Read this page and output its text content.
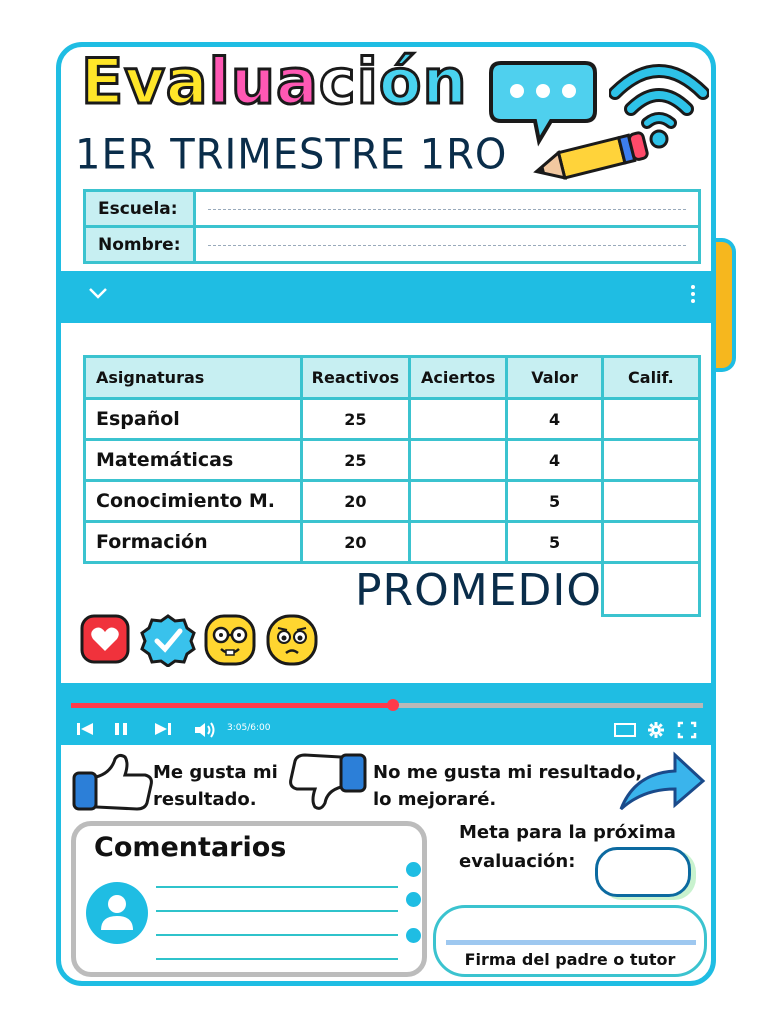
Evaluación
1ER TRIMESTRE 1RO
Escuela:	

Nombre:	
Asignaturas	Reactivos	Aciertos	Valor	Calif.
Español	25		4	
Matemáticas	25		4	
Conocimiento M.	20		5	
Formación	20		5	
PROMEDIO
3:05/6:00
Me gusta mi
resultado.
No me gusta mi resultado,
lo mejoraré.
Comentarios	Meta para la próxima
evaluación:
Firma del padre o tutor
